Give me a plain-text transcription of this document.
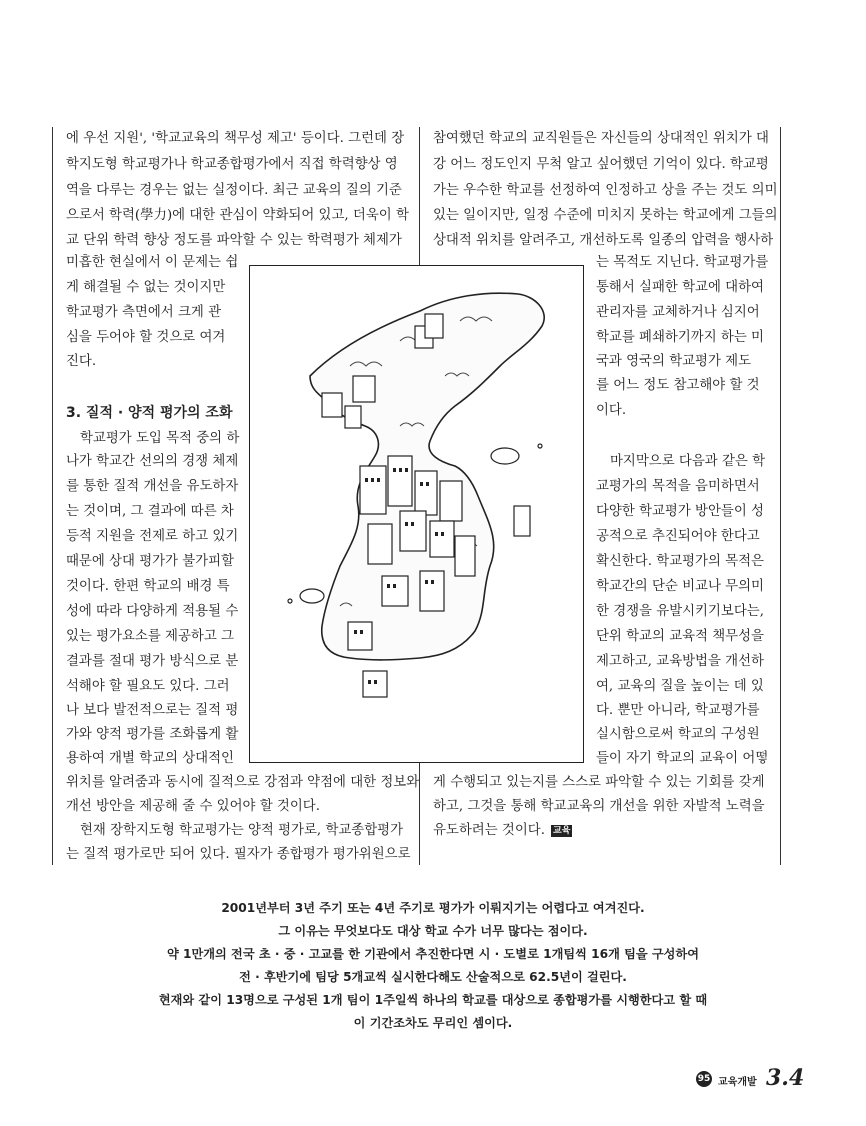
에 우선 지원', '학교교육의 책무성 제고' 등이다. 그런데 장
학지도형 학교평가나 학교종합평가에서 직접 학력향상 영
역을 다루는 경우는 없는 실정이다. 최근 교육의 질의 기준
으로서 학력(學力)에 대한 관심이 약화되어 있고, 더욱이 학
교 단위 학력 향상 정도를 파악할 수 있는 학력평가 체제가
미흡한 현실에서 이 문제는 쉽
게 해결될 수 없는 것이지만
학교평가 측면에서 크게 관
심을 두어야 할 것으로 여겨
진다.
3. 질적 · 양적 평가의 조화
학교평가 도입 목적 중의 하
나가 학교간 선의의 경쟁 체제
를 통한 질적 개선을 유도하자
는 것이며, 그 결과에 따른 차
등적 지원을 전제로 하고 있기
때문에 상대 평가가 불가피할
것이다. 한편 학교의 배경 특
성에 따라 다양하게 적용될 수
있는 평가요소를 제공하고 그
결과를 절대 평가 방식으로 분
석해야 할 필요도 있다. 그러
나 보다 발전적으로는 질적 평
가와 양적 평가를 조화롭게 활
용하여 개별 학교의 상대적인
위치를 알려줌과 동시에 질적으로 강점과 약점에 대한 정보와
개선 방안을 제공해 줄 수 있어야 할 것이다.
현재 장학지도형 학교평가는 양적 평가로, 학교종합평가
는 질적 평가로만 되어 있다. 필자가 종합평가 평가위원으로
참여했던 학교의 교직원들은 자신들의 상대적인 위치가 대
강 어느 정도인지 무척 알고 싶어했던 기억이 있다. 학교평
가는 우수한 학교를 선정하여 인정하고 상을 주는 것도 의미
있는 일이지만, 일정 수준에 미치지 못하는 학교에게 그들의
상대적 위치를 알려주고, 개선하도록 일종의 압력을 행사하
는 목적도 지닌다. 학교평가를
통해서 실패한 학교에 대하여
관리자를 교체하거나 심지어
학교를 폐쇄하기까지 하는 미
국과 영국의 학교평가 제도
를 어느 정도 참고해야 할 것
이다.
마지막으로 다음과 같은 학
교평가의 목적을 음미하면서
다양한 학교평가 방안들이 성
공적으로 추진되어야 한다고
확신한다. 학교평가의 목적은
학교간의 단순 비교나 무의미
한 경쟁을 유발시키기보다는,
단위 학교의 교육적 책무성을
제고하고, 교육방법을 개선하
여, 교육의 질을 높이는 데 있
다. 뿐만 아니라, 학교평가를
실시함으로써 학교의 구성원
들이 자기 학교의 교육이 어떻
게 수행되고 있는지를 스스로 파악할 수 있는 기회를 갖게
하고, 그것을 통해 학교교육의 개선을 위한 자발적 노력을
유도하려는 것이다. 교육
2001년부터 3년 주기 또는 4년 주기로 평가가 이뤄지기는 어렵다고 여겨진다.
그 이유는 무엇보다도 대상 학교 수가 너무 많다는 점이다.
약 1만개의 전국 초 · 중 · 고교를 한 기관에서 추진한다면 시 · 도별로 1개팀씩 16개 팀을 구성하여
전 · 후반기에 팀당 5개교씩 실시한다해도 산술적으로 62.5년이 걸린다.
현재와 같이 13명으로 구성된 1개 팀이 1주일씩 하나의 학교를 대상으로 종합평가를 시행한다고 할 때
이 기간조차도 무리인 셈이다.
95 교육개발 3.4
